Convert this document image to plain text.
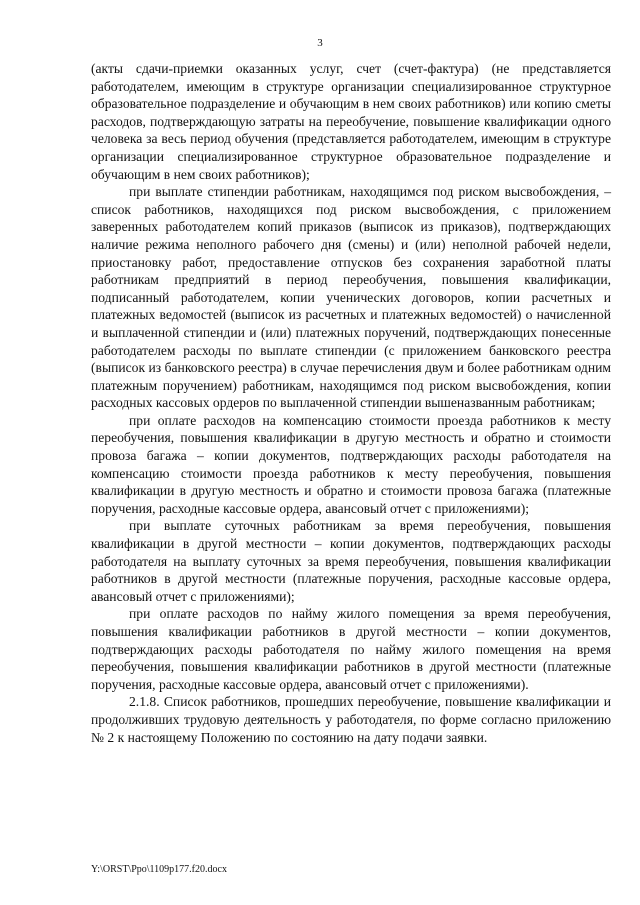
3

(акты сдачи-приемки оказанных услуг, счет (счет-фактура) (не представляется работодателем, имеющим в структуре организации специализированное структурное образовательное подразделение и обучающим в нем своих работников) или копию сметы расходов, подтверждающую затраты на переобучение, повышение квалификации одного человека за весь период обучения (представляется работодателем, имеющим в структуре организации специализированное структурное образовательное подразделение и обучающим в нем своих работников);

при выплате стипендии работникам, находящимся под риском высвобождения, – список работников, находящихся под риском высвобождения, с приложением заверенных работодателем копий приказов (выписок из приказов), подтверждающих наличие режима неполного рабочего дня (смены) и (или) неполной рабочей недели, приостановку работ, предоставление отпусков без сохранения заработной платы работникам предприятий в период переобучения, повышения квалификации, подписанный работодателем, копии ученических договоров, копии расчетных и платежных ведомостей (выписок из расчетных и платежных ведомостей) о начисленной и выплаченной стипендии и (или) платежных поручений, подтверждающих понесенные работодателем расходы по выплате стипендии (с приложением банковского реестра (выписок из банковского реестра) в случае перечисления двум и более работникам одним платежным поручением) работникам, находящимся под риском высвобождения, копии расходных кассовых ордеров по выплаченной стипендии вышеназванным работникам;

при оплате расходов на компенсацию стоимости проезда работников к месту переобучения, повышения квалификации в другую местность и обратно и стоимости провоза багажа – копии документов, подтверждающих расходы работодателя на компенсацию стоимости проезда работников к месту переобучения, повышения квалификации в другую местность и обратно и стоимости провоза багажа (платежные поручения, расходные кассовые ордера, авансовый отчет с приложениями);

при выплате суточных работникам за время переобучения, повышения квалификации в другой местности – копии документов, подтверждающих расходы работодателя на выплату суточных за время переобучения, повышения квалификации работников в другой местности (платежные поручения, расходные кассовые ордера, авансовый отчет с приложениями);

при оплате расходов по найму жилого помещения за время переобучения, повышения квалификации работников в другой местности – копии документов, подтверждающих расходы работодателя по найму жилого помещения на время переобучения, повышения квалификации работников в другой местности (платежные поручения, расходные кассовые ордера, авансовый отчет с приложениями).

2.1.8. Список работников, прошедших переобучение, повышение квалификации и продолживших трудовую деятельность у работодателя, по форме согласно приложению № 2 к настоящему Положению по состоянию на дату подачи заявки.

Y:\ORST\Ppo\1109p177.f20.docx
